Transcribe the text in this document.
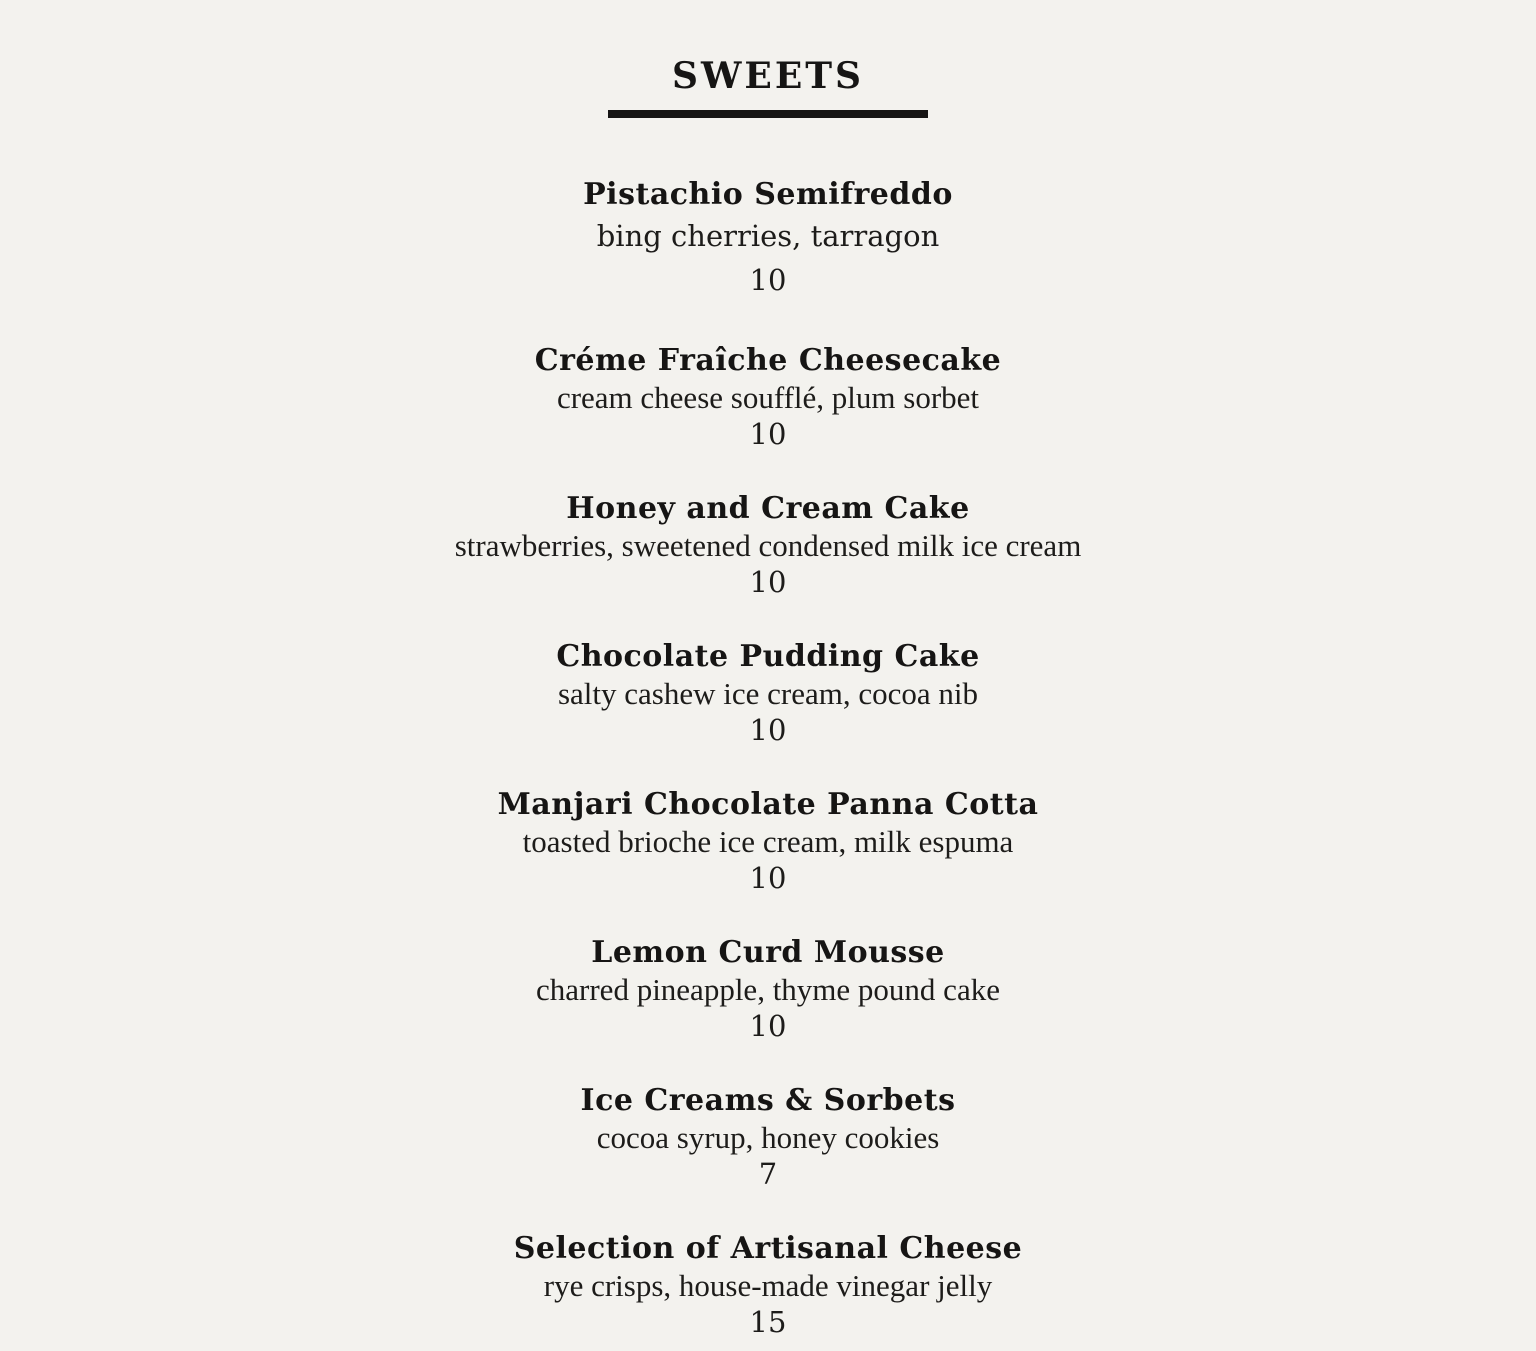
SWEETS
Pistachio Semifreddo
bing cherries, tarragon
10
Créme Fraîche Cheesecake
cream cheese soufflé, plum sorbet
10
Honey and Cream Cake
strawberries, sweetened condensed milk ice cream
10
Chocolate Pudding Cake
salty cashew ice cream, cocoa nib
10
Manjari Chocolate Panna Cotta
toasted brioche ice cream, milk espuma
10
Lemon Curd Mousse
charred pineapple, thyme pound cake
10
Ice Creams & Sorbets
cocoa syrup, honey cookies
7
Selection of Artisanal Cheese
rye crisps, house-made vinegar jelly
15
